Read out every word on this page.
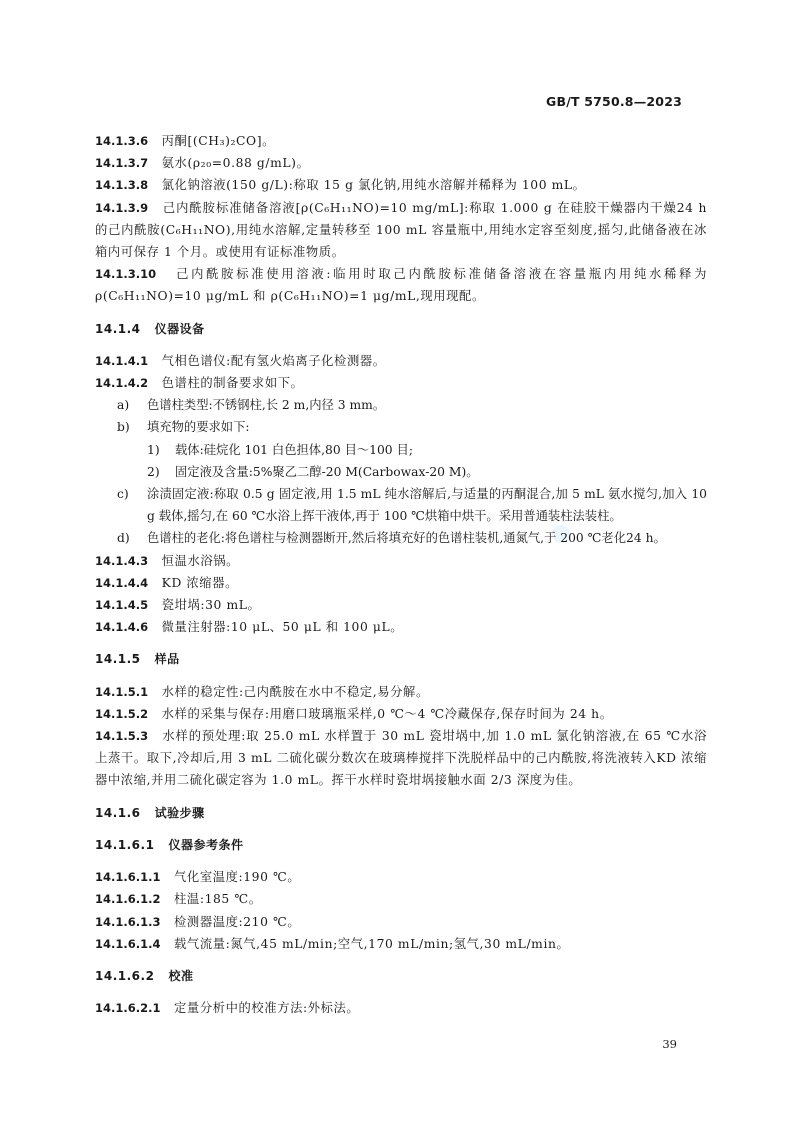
GB/T 5750.8—2023

14.1.3.6 丙酮[(CH₃)₂CO]。

14.1.3.7 氨水(ρ₂₀=0.88 g/mL)。

14.1.3.8 氯化钠溶液(150 g/L):称取 15 g 氯化钠,用纯水溶解并稀释为 100 mL。

14.1.3.9 己内酰胺标准储备溶液[ρ(C₆H₁₁NO)=10 mg/mL]:称取 1.000 g 在硅胶干燥器内干燥24 h的己内酰胺(C₆H₁₁NO),用纯水溶解,定量转移至 100 mL 容量瓶中,用纯水定容至刻度,摇匀,此储备液在冰箱内可保存 1 个月。或使用有证标准物质。

14.1.3.10 己内酰胺标准使用溶液:临用时取己内酰胺标准储备溶液在容量瓶内用纯水稀释为ρ(C₆H₁₁NO)=10 μg/mL 和 ρ(C₆H₁₁NO)=1 μg/mL,现用现配。

14.1.4 仪器设备

14.1.4.1 气相色谱仪:配有氢火焰离子化检测器。

14.1.4.2 色谱柱的制备要求如下。

a)	色谱柱类型:不锈钢柱,长 2 m,内径 3 mm。
b)	填充物的要求如下:
1)	载体:硅烷化 101 白色担体,80 目～100 目;
2)	固定液及含量:5%聚乙二醇-20 M(Carbowax-20 M)。
c)	涂渍固定液:称取 0.5 g 固定液,用 1.5 mL 纯水溶解后,与适量的丙酮混合,加 5 mL 氨水搅匀,加入 10 g 载体,摇匀,在 60 ℃水浴上挥干液体,再于 100 ℃烘箱中烘干。采用普通装柱法装柱。
d)	色谱柱的老化:将色谱柱与检测器断开,然后将填充好的色谱柱装机,通氮气,于 200 ℃老化24 h。

14.1.4.3 恒温水浴锅。

14.1.4.4 KD 浓缩器。

14.1.4.5 瓷坩埚:30 mL。

14.1.4.6 微量注射器:10 μL、50 μL 和 100 μL。

14.1.5 样品

14.1.5.1 水样的稳定性:己内酰胺在水中不稳定,易分解。

14.1.5.2 水样的采集与保存:用磨口玻璃瓶采样,0 ℃～4 ℃冷藏保存,保存时间为 24 h。

14.1.5.3 水样的预处理:取 25.0 mL 水样置于 30 mL 瓷坩埚中,加 1.0 mL 氯化钠溶液,在 65 ℃水浴上蒸干。取下,冷却后,用 3 mL 二硫化碳分数次在玻璃棒搅拌下洗脱样品中的己内酰胺,将洗液转入KD 浓缩器中浓缩,并用二硫化碳定容为 1.0 mL。挥干水样时瓷坩埚接触水面 2/3 深度为佳。

14.1.6 试验步骤

14.1.6.1 仪器参考条件

14.1.6.1.1 气化室温度:190 ℃。

14.1.6.1.2 柱温:185 ℃。

14.1.6.1.3 检测器温度:210 ℃。

14.1.6.1.4 载气流量:氮气,45 mL/min;空气,170 mL/min;氢气,30 mL/min。

14.1.6.2 校准

14.1.6.2.1 定量分析中的校准方法:外标法。

39
